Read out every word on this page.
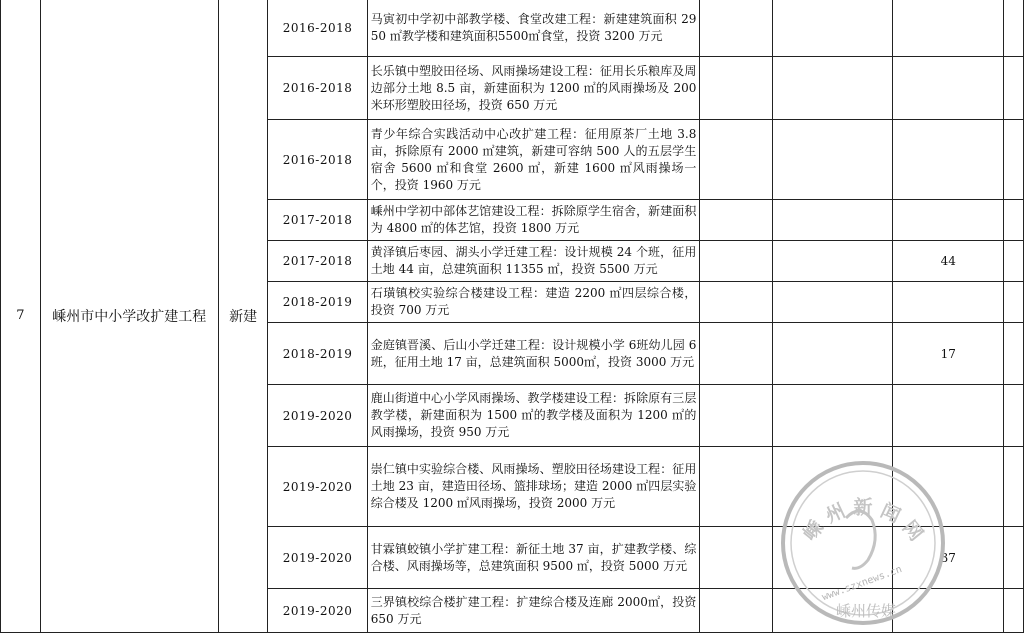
7	嵊州市中小学改扩建工程	新建	2016-2018	马寅初中学初中部教学楼、食堂改建工程：新建建筑面积 2950 ㎡教学楼和建筑面积5500㎡食堂，投资 3200 万元				
			2016-2018	长乐镇中塑胶田径场、风雨操场建设工程：征用长乐粮库及周边部分土地 8.5 亩，新建面积为 1200 ㎡的风雨操场及 200 米环形塑胶田径场，投资 650 万元				
			2016-2018	青少年综合实践活动中心改扩建工程：征用原茶厂土地 3.8 亩，拆除原有 2000 ㎡建筑，新建可容纳 500 人的五层学生宿舍 5600 ㎡和食堂 2600 ㎡，新建 1600 ㎡风雨操场一个，投资 1960 万元				
			2017-2018	嵊州中学初中部体艺馆建设工程：拆除原学生宿舍，新建面积为 4800 ㎡的体艺馆，投资 1800 万元				
			2017-2018	黄泽镇后枣园、湖头小学迁建工程：设计规模 24 个班，征用土地 44 亩，总建筑面积 11355 ㎡，投资 5500 万元			44	
			2018-2019	石璜镇校实验综合楼建设工程：建造 2200 ㎡四层综合楼，投资 700 万元				
			2018-2019	金庭镇晋溪、后山小学迁建工程：设计规模小学 6班幼儿园 6 班，征用土地 17 亩，总建筑面积 5000㎡，投资 3000 万元			17	
			2019-2020	鹿山街道中心小学风雨操场、教学楼建设工程：拆除原有三层教学楼，新建面积为 1500 ㎡的教学楼及面积为 1200 ㎡的风雨操场，投资 950 万元				
			2019-2020	崇仁镇中实验综合楼、风雨操场、塑胶田径场建设工程：征用土地 23 亩，建造田径场、篮排球场；建造 2000 ㎡四层实验综合楼及 1200 ㎡风雨操场，投资 2000 万元				
			2019-2020	甘霖镇蛟镇小学扩建工程：新征土地 37 亩，扩建教学楼、综合楼、风雨操场等，总建筑面积 9500 ㎡，投资 5000 万元			37	
			2019-2020	三界镇校综合楼扩建工程：扩建综合楼及连廊 2000㎡，投资 650 万元				
嵊 州 新 闻 网
www.szxnews.cn
嵊州传媒
